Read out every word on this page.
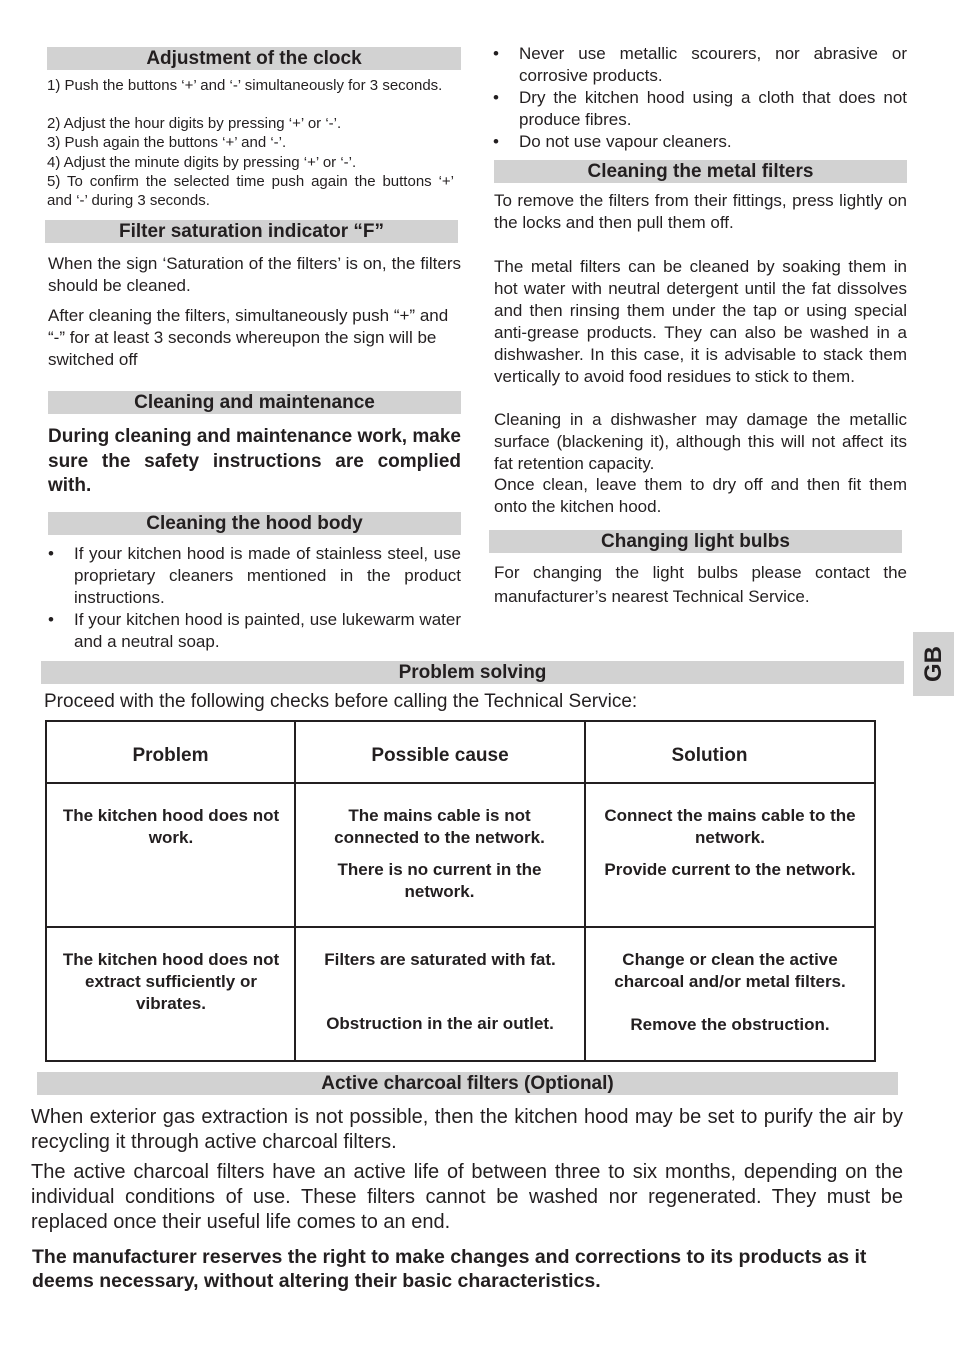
Adjustment of the clock
1) Push the buttons ‘+’ and ‘-’ simultaneously for 3 seconds.
2) Adjust the hour digits by pressing ‘+’ or ‘-’.
3) Push again the buttons ‘+’ and ‘-’.
4) Adjust the minute digits by pressing ‘+’ or ‘-’.
5) To confirm the selected time push again the buttons ‘+’ and ‘-’ during 3 seconds.
Filter saturation indicator “F”
When the sign ‘Saturation of the filters’ is on, the filters should be cleaned.
After cleaning the filters, simultaneously push “+” and “-” for at least 3 seconds whereupon the sign will be switched off
Cleaning and maintenance
During cleaning and maintenance work, make sure the safety instructions are complied with.
Cleaning the hood body
• If your kitchen hood is made of stainless steel, use proprietary cleaners mentioned in the product instructions.
• If your kitchen hood is painted, use lukewarm water and a neutral soap.
• Never use metallic scourers, nor abrasive or corrosive products.
• Dry the kitchen hood using a cloth that does not produce fibres.
• Do not use vapour cleaners.
Cleaning the metal filters
To remove the filters from their fittings, press lightly on the locks and then pull them off.
The metal filters can be cleaned by soaking them in hot water with neutral detergent until the fat dissolves and then rinsing them under the tap or using special anti-grease products. They can also be washed in a dishwasher. In this case, it is advisable to stack them vertically to avoid food residues to stick to them.
Cleaning in a dishwasher may damage the metallic surface (blackening it), although this will not affect its fat retention capacity.
Once clean, leave them to dry off and then fit them onto the kitchen hood.
Changing light bulbs
For changing the light bulbs please contact the manufacturer’s nearest Technical Service.
GB
Problem solving
Proceed with the following checks before calling the Technical Service:
Problem	Possible cause	Solution
The kitchen hood does not work.
The mains cable is not connected to the network.
There is no current in the network.
Connect the mains cable to the network.
Provide current to the network.
The kitchen hood does not extract sufficiently or vibrates.
Filters are saturated with fat.
Obstruction in the air outlet.
Change or clean the active charcoal and/or metal filters.
Remove the obstruction.
Active charcoal filters (Optional)
When exterior gas extraction is not possible, then the kitchen hood may be set to purify the air by recycling it through active charcoal filters.
The active charcoal filters have an active life of between three to six months, depending on the individual conditions of use. These filters cannot be washed nor regenerated. They must be replaced once their useful life comes to an end.
The manufacturer reserves the right to make changes and corrections to its products as it deems necessary, without altering their basic characteristics.
